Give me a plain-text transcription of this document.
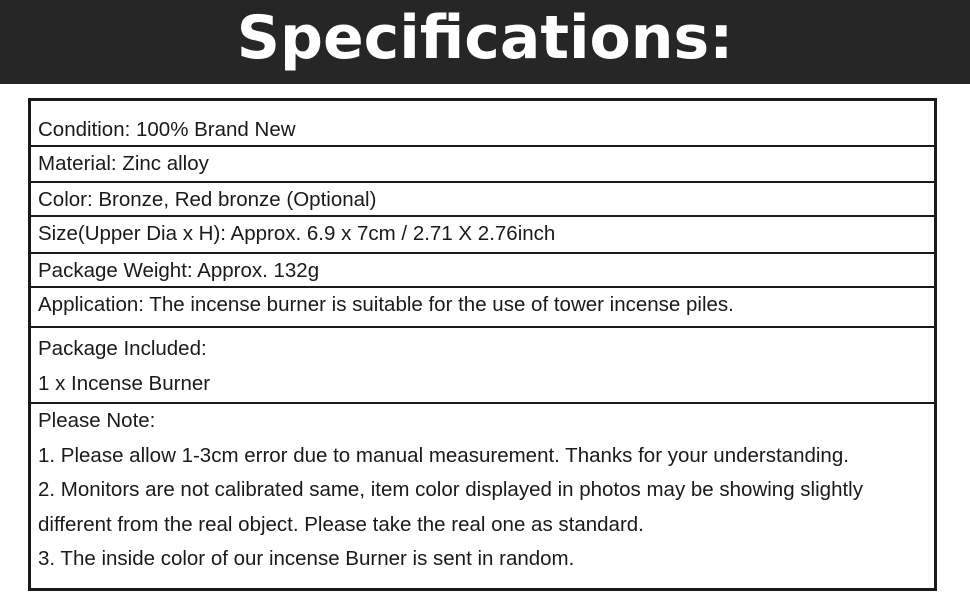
Specifications:
Condition: 100% Brand New
Material: Zinc alloy
Color: Bronze, Red bronze (Optional)
Size(Upper Dia x H): Approx. 6.9 x 7cm / 2.71 X 2.76inch
Package Weight: Approx. 132g
Application: The incense burner is suitable for the use of tower incense piles.
Package Included:
1 x Incense Burner
Please Note:
1. Please allow 1-3cm error due to manual measurement. Thanks for your understanding.
2. Monitors are not calibrated same, item color displayed in photos may be showing slightly
different from the real object. Please take the real one as standard.
3. The inside color of our incense Burner is sent in random.
